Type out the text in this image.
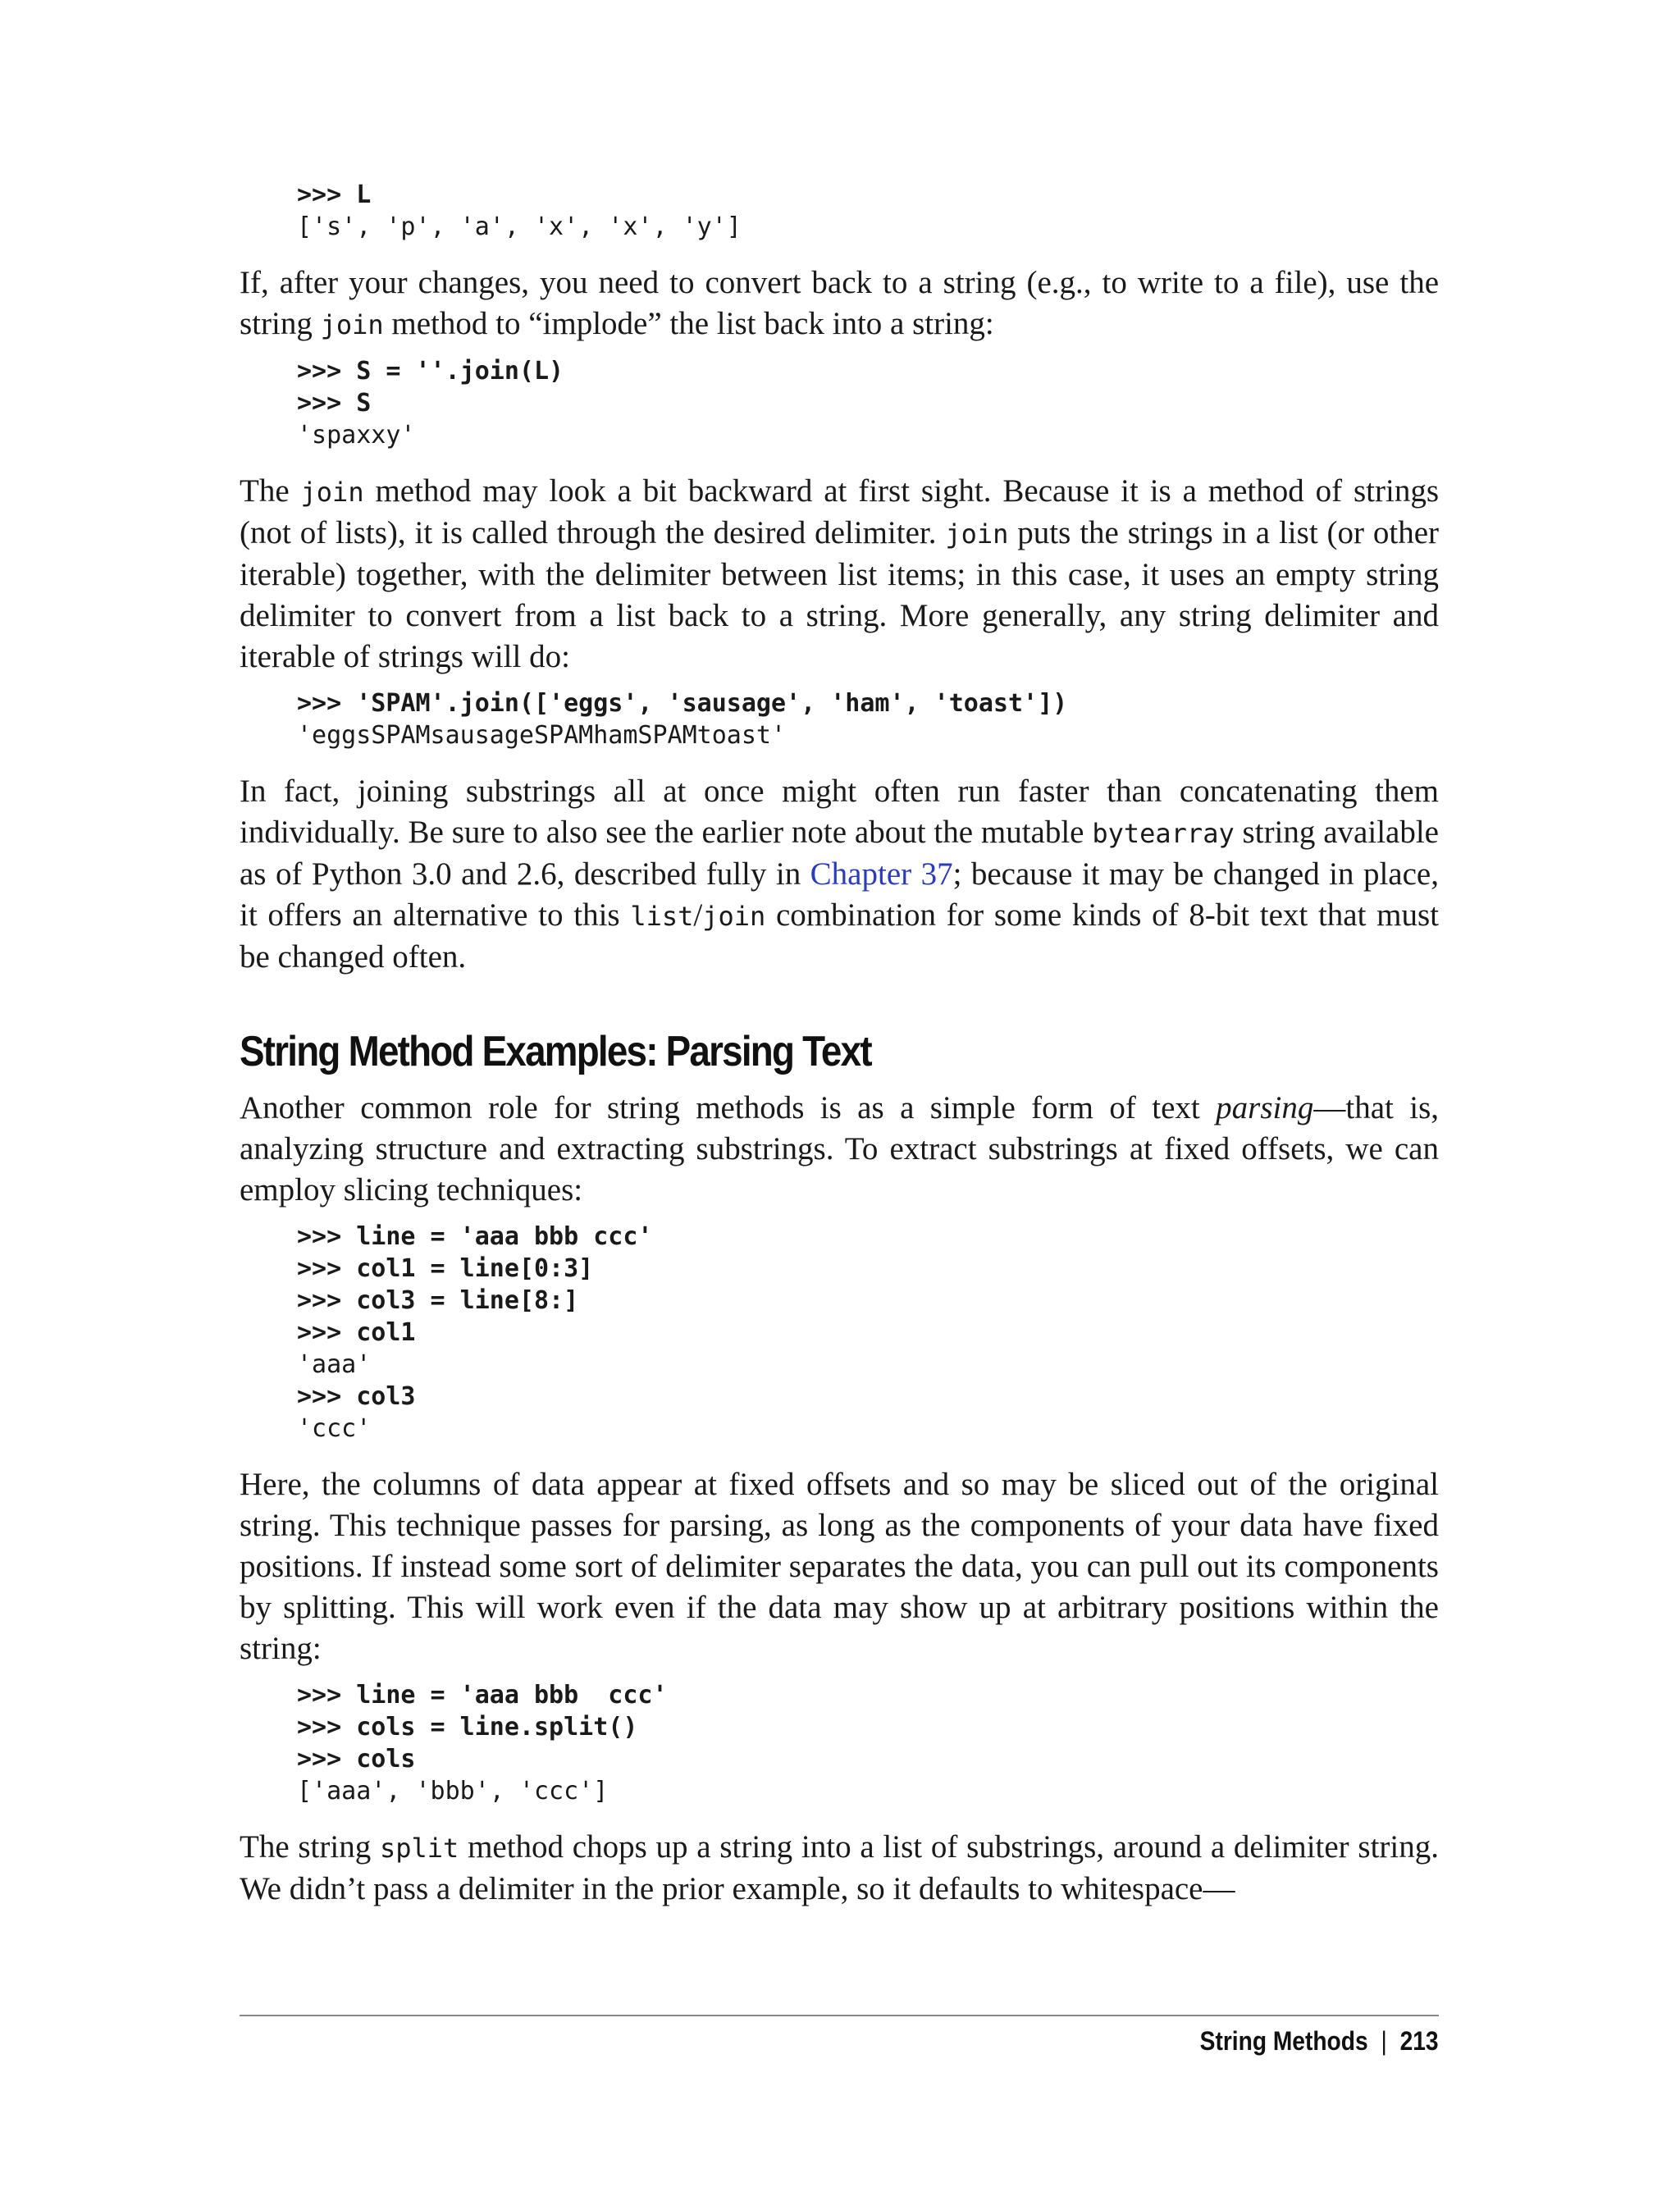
>>> L
['s', 'p', 'a', 'x', 'x', 'y']

If, after your changes, you need to convert back to a string (e.g., to write to a file), use the string join method to “implode” the list back into a string:

>>> S = ''.join(L)
>>> S
'spaxxy'

The join method may look a bit backward at first sight. Because it is a method of strings (not of lists), it is called through the desired delimiter. join puts the strings in a list (or other iterable) together, with the delimiter between list items; in this case, it uses an empty string delimiter to convert from a list back to a string. More generally, any string delimiter and iterable of strings will do:

>>> 'SPAM'.join(['eggs', 'sausage', 'ham', 'toast'])
'eggsSPAMsausageSPAMhamSPAMtoast'

In fact, joining substrings all at once might often run faster than concatenating them individually. Be sure to also see the earlier note about the mutable bytearray string available as of Python 3.0 and 2.6, described fully in Chapter 37; because it may be changed in place, it offers an alternative to this list/join combination for some kinds of 8-bit text that must be changed often.

String Method Examples: Parsing Text

Another common role for string methods is as a simple form of text parsing—that is, analyzing structure and extracting substrings. To extract substrings at fixed offsets, we can employ slicing techniques:

>>> line = 'aaa bbb ccc'
>>> col1 = line[0:3]
>>> col3 = line[8:]
>>> col1
'aaa'
>>> col3
'ccc'

Here, the columns of data appear at fixed offsets and so may be sliced out of the original string. This technique passes for parsing, as long as the components of your data have fixed positions. If instead some sort of delimiter separates the data, you can pull out its components by splitting. This will work even if the data may show up at arbitrary positions within the string:

>>> line = 'aaa bbb  ccc'
>>> cols = line.split()
>>> cols
['aaa', 'bbb', 'ccc']

The string split method chops up a string into a list of substrings, around a delimiter string. We didn’t pass a delimiter in the prior example, so it defaults to whitespace—

String Methods | 213
